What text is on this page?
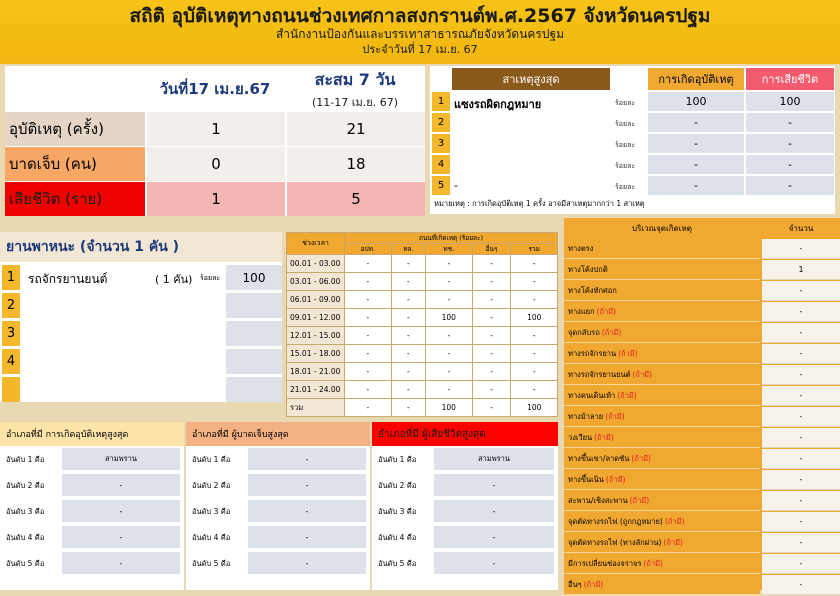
สถิติ อุบัติเหตุทางถนนช่วงเทศกาลสงกรานต์พ.ศ.2567 จังหวัดนครปฐม
สำนักงานป้องกันและบรรเทาสาธารณภัยจังหวัดนครปฐม
ประจำวันที่ 17 เม.ย. 67
วันที่17 เม.ย.67
สะสม 7 วัน
(11-17 เม.ย. 67)
อุบัติเหตุ (ครั้ง)	1	21
บาดเจ็บ (คน)	0	18
เสียชีวิต (ราย)	1	5
สาเหตุสูงสุด	การเกิดอุบัติเหตุ	การเสียชีวิต
1 แซงรถผิดกฎหมาย	ร้อยละ	100	100
2	ร้อยละ	-	-
3	ร้อยละ	-	-
4	ร้อยละ	-	-
5 -	ร้อยละ	-	-
หมายเหตุ : การเกิดอุบัติเหตุ 1 ครั้ง อาจมีสาเหตุมากกว่า 1 สาเหตุ
ยานพาหนะ (จำนวน 1 คัน )
1	รถจักรยานยนต์	( 1 คัน) ร้อยละ	100
2
3
4
ช่วงเวลา	ถนนที่เกิดเหตุ (ร้อยละ)				
	อปท.	ทล.	ทช.	อื่นๆ	รวม
00.01 - 03.00	-	-	-	-	-
03.01 - 06.00	-	-	-	-	-
06.01 - 09.00	-	-	-	-	-
09.01 - 12.00	-	-	100	-	100
12.01 - 15.00	-	-	-	-	-
15.01 - 18.00	-	-	-	-	-
18.01 - 21.00	-	-	-	-	-
21.01 - 24.00	-	-	-	-	-
รวม	-	-	100	-	100
บริเวณจุดเกิดเหตุ	จำนวน
ทางตรง	-
ทางโค้งปกติ	1
ทางโค้งหักศอก	-
ทางแยก (ถ้ามี)	-
จุดกลับรถ (ถ้ามี)	-
ทางรถจักรยาน (ถ้ามี)	-
ทางรถจักรยานยนต์ (ถ้ามี)	-
ทางคนเดินเท้า (ถ้ามี)	-
ทางม้าลาย (ถ้ามี)	-
วงเวียน (ถ้ามี)	-
ทางขึ้นเขา/ลาดชัน (ถ้ามี)	-
ทางขึ้นเนิน (ถ้ามี)	-
สะพาน/เชิงสะพาน (ถ้ามี)	-
จุดตัดทางรถไฟ (ถูกกฎหมาย) (ถ้ามี)	-
จุดตัดทางรถไฟ (ทางลักผ่าน) (ถ้ามี)	-
มีการเปลี่ยนช่องจราจร (ถ้ามี)	-
อื่นๆ (ถ้ามี)	-
อำเภอที่มี การเกิดอุบัติเหตุสูงสุด
อันดับ 1 คือ	สามพราน
อันดับ 2 คือ	-
อันดับ 3 คือ	-
อันดับ 4 คือ	-
อันดับ 5 คือ	-
อำเภอที่มี ผู้บาดเจ็บสูงสุด
อันดับ 1 คือ	-
อันดับ 2 คือ	-
อันดับ 3 คือ	-
อันดับ 4 คือ	-
อันดับ 5 คือ	-
อำเภอที่มี ผู้เสียชีวิตสูงสุด
อันดับ 1 คือ	สามพราน
อันดับ 2 คือ	-
อันดับ 3 คือ	-
อันดับ 4 คือ	-
อันดับ 5 คือ	-
